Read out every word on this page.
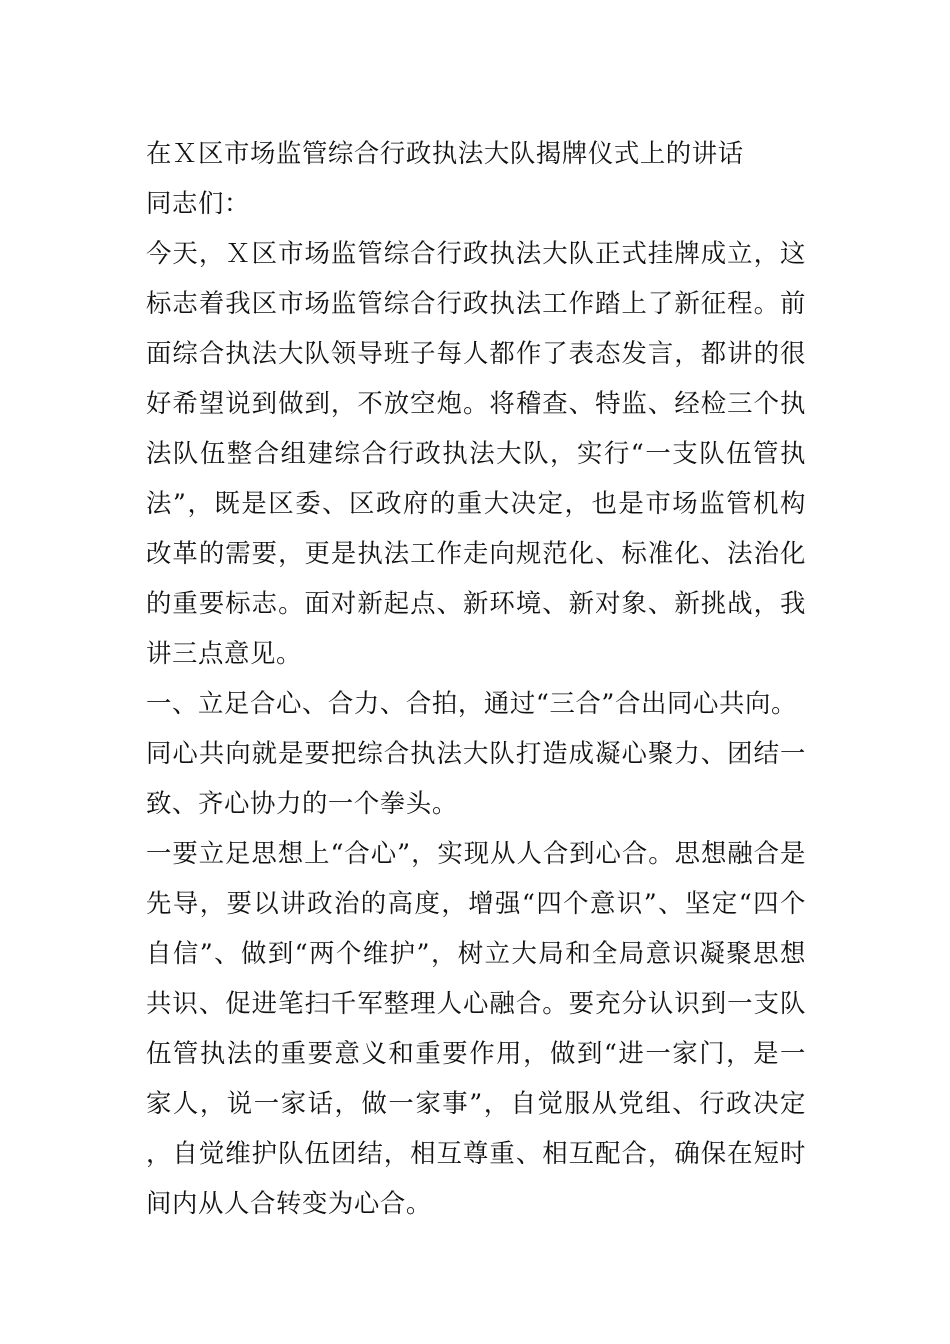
在Ｘ区市场监管综合行政执法大队揭牌仪式上的讲话

同志们：

今天，Ｘ区市场监管综合行政执法大队正式挂牌成立，这标志着我区市场监管综合行政执法工作踏上了新征程。前面综合执法大队领导班子每人都作了表态发言，都讲的很好希望说到做到，不放空炮。将稽查、特监、经检三个执法队伍整合组建综合行政执法大队，实行“一支队伍管执法”，既是区委、区政府的重大决定，也是市场监管机构改革的需要，更是执法工作走向规范化、标准化、法治化的重要标志。面对新起点、新环境、新对象、新挑战，我讲三点意见。

一、立足合心、合力、合拍，通过“三合”合出同心共向。

同心共向就是要把综合执法大队打造成凝心聚力、团结一致、齐心协力的一个拳头。

一要立足思想上“合心”，实现从人合到心合。思想融合是先导，要以讲政治的高度，增强“四个意识”、坚定“四个自信”、做到“两个维护”，树立大局和全局意识凝聚思想共识、促进笔扫千军整理人心融合。要充分认识到一支队伍管执法的重要意义和重要作用，做到“进一家门，是一家人，说一家话，做一家事”，自觉服从党组、行政决定，自觉维护队伍团结，相互尊重、相互配合，确保在短时间内从人合转变为心合。
